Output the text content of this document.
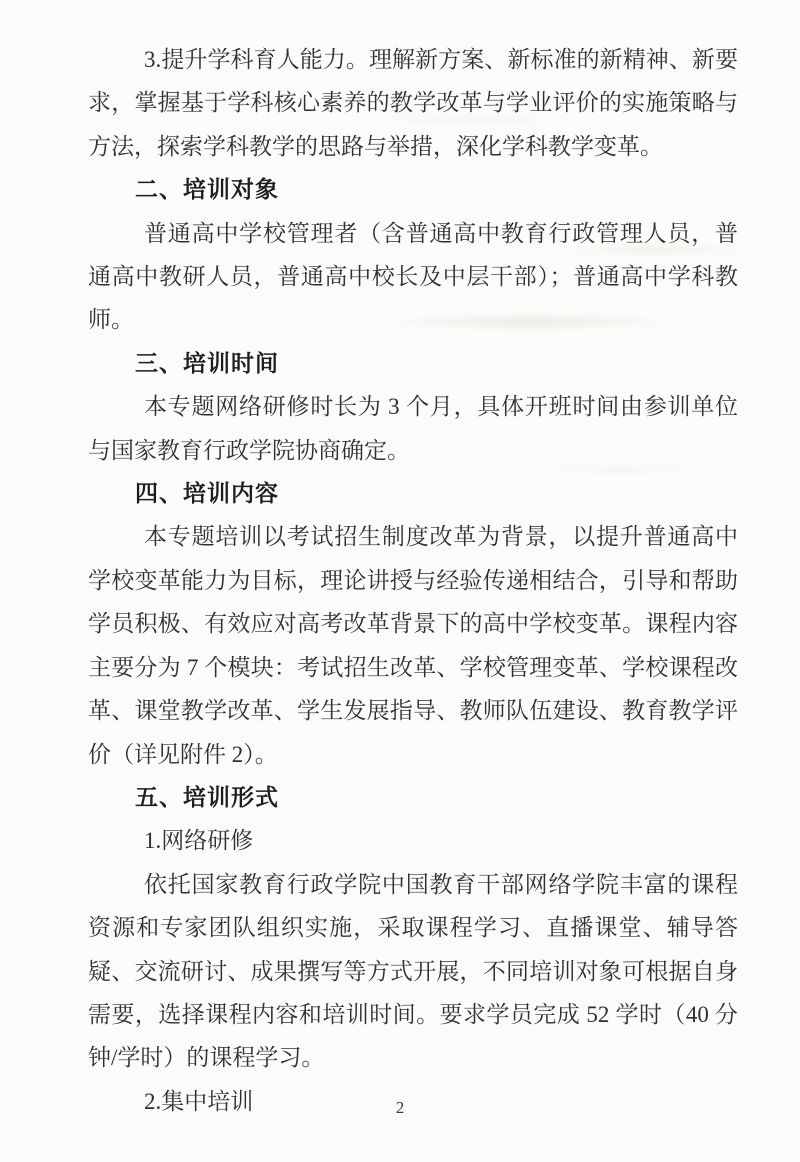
3.提升学科育人能力。理解新方案、新标准的新精神、新要求，掌握基于学科核心素养的教学改革与学业评价的实施策略与方法，探索学科教学的思路与举措，深化学科教学变革。

二、培训对象

普通高中学校管理者（含普通高中教育行政管理人员，普通高中教研人员，普通高中校长及中层干部）；普通高中学科教师。

三、培训时间

本专题网络研修时长为 3 个月，具体开班时间由参训单位与国家教育行政学院协商确定。

四、培训内容

本专题培训以考试招生制度改革为背景，以提升普通高中学校变革能力为目标，理论讲授与经验传递相结合，引导和帮助学员积极、有效应对高考改革背景下的高中学校变革。课程内容主要分为 7 个模块：考试招生改革、学校管理变革、学校课程改革、课堂教学改革、学生发展指导、教师队伍建设、教育教学评价（详见附件 2）。

五、培训形式

1.网络研修

依托国家教育行政学院中国教育干部网络学院丰富的课程资源和专家团队组织实施，采取课程学习、直播课堂、辅导答疑、交流研讨、成果撰写等方式开展，不同培训对象可根据自身需要，选择课程内容和培训时间。要求学员完成 52 学时（40 分钟/学时）的课程学习。

2.集中培训	2
